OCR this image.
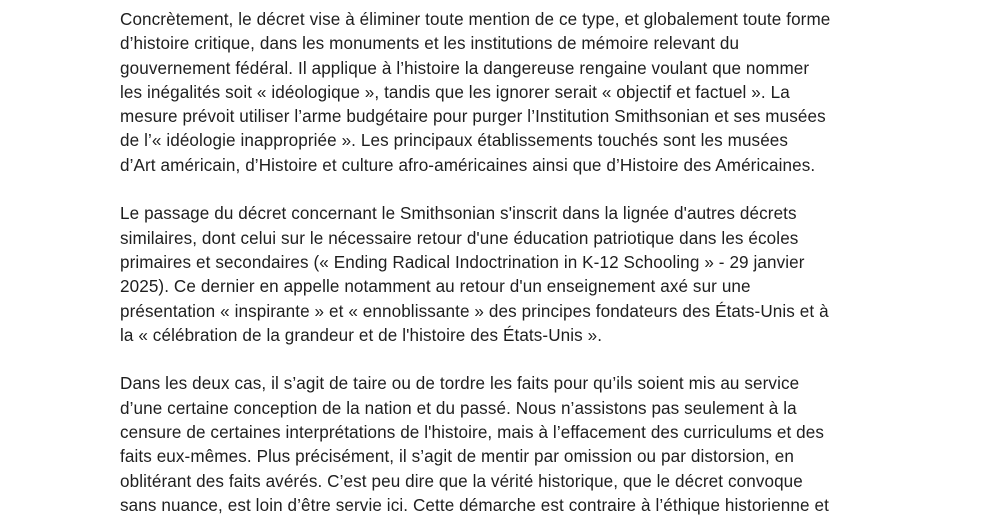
Concrètement, le décret vise à éliminer toute mention de ce type, et globalement toute forme
d’histoire critique, dans les monuments et les institutions de mémoire relevant du
gouvernement fédéral. Il applique à l’histoire la dangereuse rengaine voulant que nommer
les inégalités soit « idéologique », tandis que les ignorer serait « objectif et factuel ». La
mesure prévoit utiliser l’arme budgétaire pour purger l’Institution Smithsonian et ses musées
de l’« idéologie inappropriée ». Les principaux établissements touchés sont les musées
d’Art américain, d’Histoire et culture afro-américaines ainsi que d’Histoire des Américaines.

Le passage du décret concernant le Smithsonian s'inscrit dans la lignée d'autres décrets
similaires, dont celui sur le nécessaire retour d'une éducation patriotique dans les écoles
primaires et secondaires (« Ending Radical Indoctrination in K-12 Schooling » - 29 janvier
2025). Ce dernier en appelle notamment au retour d'un enseignement axé sur une
présentation « inspirante » et « ennoblissante » des principes fondateurs des États-Unis et à
la « célébration de la grandeur et de l'histoire des États-Unis ».

Dans les deux cas, il s’agit de taire ou de tordre les faits pour qu’ils soient mis au service
d’une certaine conception de la nation et du passé. Nous n’assistons pas seulement à la
censure de certaines interprétations de l'histoire, mais à l’effacement des curriculums et des
faits eux-mêmes. Plus précisément, il s’agit de mentir par omission ou par distorsion, en
oblitérant des faits avérés. C’est peu dire que la vérité historique, que le décret convoque
sans nuance, est loin d’être servie ici. Cette démarche est contraire à l’éthique historienne et
